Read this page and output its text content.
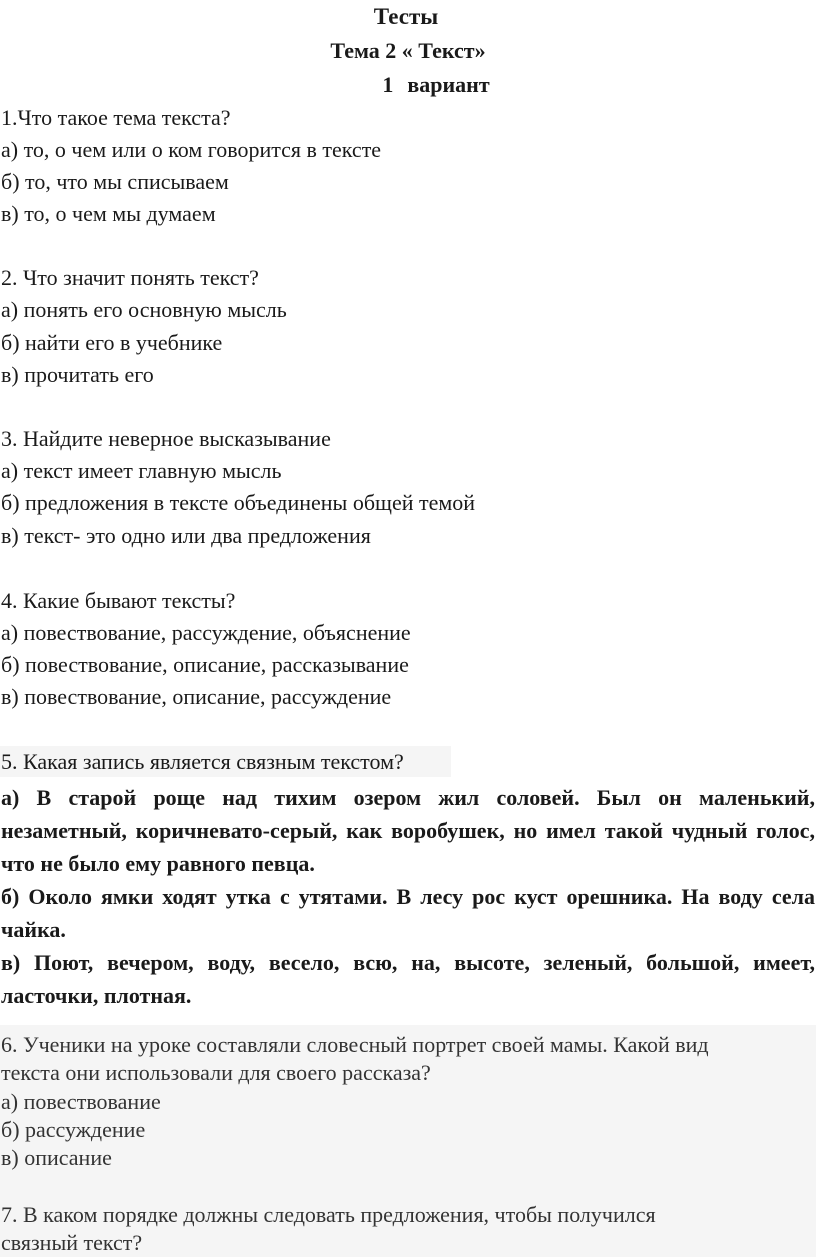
Тесты
Тема 2 « Текст»
1 вариант
1.Что такое тема текста?
а) то, о чем или о ком говорится в тексте
б) то, что мы списываем
в) то, о чем мы думаем
2. Что значит понять текст?
а) понять его основную мысль
б) найти его в учебнике
в) прочитать его
3. Найдите неверное высказывание
а) текст имеет главную мысль
б) предложения в тексте объединены общей темой
в) текст- это одно или два предложения
4. Какие бывают тексты?
а) повествование, рассуждение, объяснение
б) повествование, описание, рассказывание
в) повествование, описание, рассуждение
5. Какая запись является связным текстом?

а) В старой роще над тихим озером жил соловей. Был он маленький, незаметный, коричневато-серый, как воробушек, но имел такой чудный голос, что не было ему равного певца.

б) Около ямки ходят утка с утятами. В лесу рос куст орешника. На воду села чайка.

в) Поют, вечером, воду, весело, всю, на, высоте, зеленый, большой, имеет, ласточки, плотная.

6. Ученики на уроке составляли словесный портрет своей мамы. Какой вид
текста они использовали для своего рассказа?
а) повествование
б) рассуждение
в) описание
7. В каком порядке должны следовать предложения, чтобы получился
связный текст?
